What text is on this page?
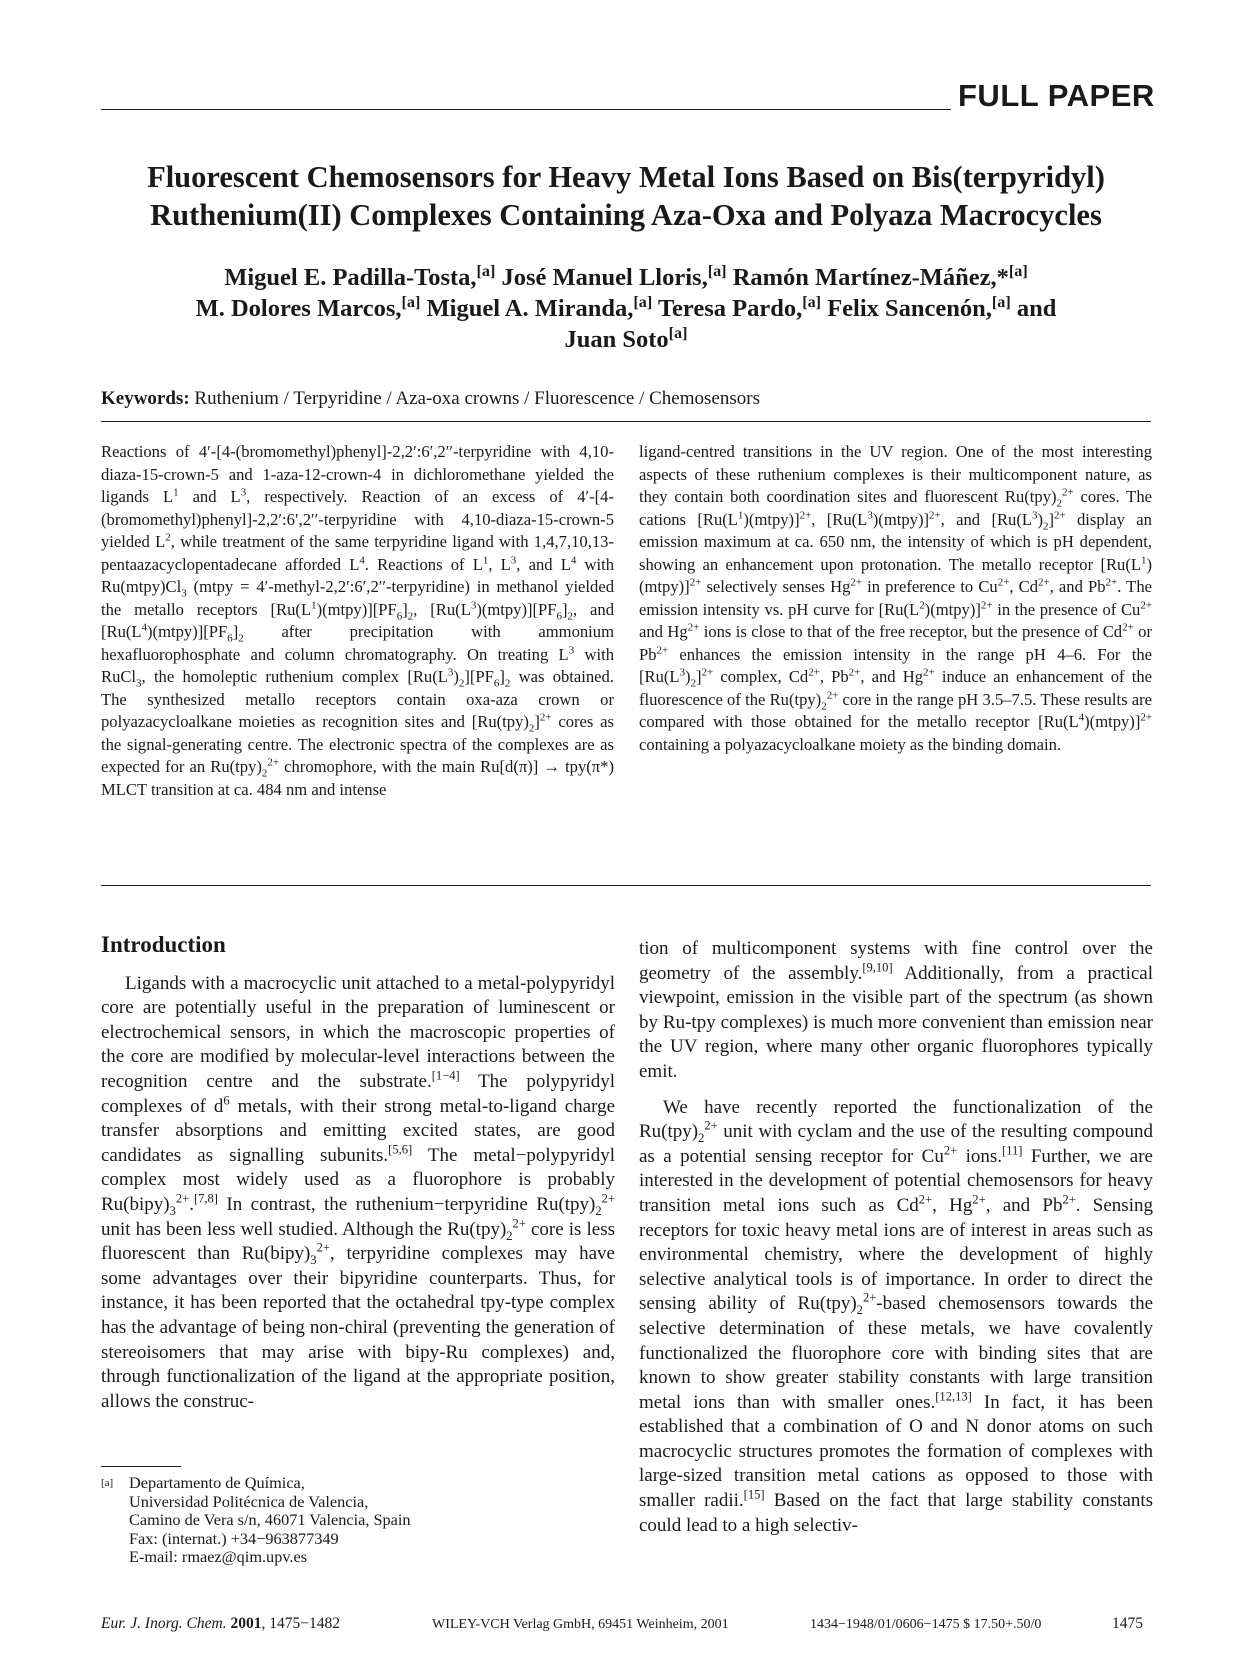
FULL PAPER
Fluorescent Chemosensors for Heavy Metal Ions Based on Bis(terpyridyl)
Ruthenium(II) Complexes Containing Aza-Oxa and Polyaza Macrocycles
Miguel E. Padilla-Tosta,[a] José Manuel Lloris,[a] Ramón Martínez-Máñez,*[a]
M. Dolores Marcos,[a] Miguel A. Miranda,[a] Teresa Pardo,[a] Felix Sancenón,[a] and
Juan Soto[a]
Keywords: Ruthenium / Terpyridine / Aza-oxa crowns / Fluorescence / Chemosensors

Reactions of 4′-[4-(bromomethyl)phenyl]-2,2′:6′,2′′-terpyridine with 4,10-diaza-15-crown-5 and 1-aza-12-crown-4 in dichloromethane yielded the ligands $L^1$ and $L^3$, respectively. Reaction of an excess of 4′-[4-(bromomethyl)phenyl]-2,2′:6′,2′′-terpyridine with 4,10-diaza-15-crown-5 yielded $L^2$, while treatment of the same terpyridine ligand with 1,4,7,10,13-pentaazacyclopentadecane afforded $L^4$. Reactions of $L^1$, $L^3$, and $L^4$ with $Ru(mtpy)Cl_3$ (mtpy = 4′-methyl-2,2′:6′,2′′-terpyridine) in methanol yielded the metallo receptors $[Ru(L^1)(mtpy)][PF_6]_2$, $[Ru(L^3)(mtpy)][PF_6]_2$, and $[Ru(L^4)(mtpy)][PF_6]_2$ after precipitation with ammonium hexafluorophosphate and column chromatography. On treating $L^3$ with RuCl$_3$, the homoleptic ruthenium complex $[Ru(L^3)_2][PF_6]_2$ was obtained. The synthesized metallo receptors contain oxa-aza crown or polyazacycloalkane moieties as recognition sites and $[Ru(tpy)_2]^{2+}$ cores as the signal-generating centre. The electronic spectra of the complexes are as expected for an $Ru(tpy)_2^{2+}$ chromophore, with the main Ru[d(π)] → tpy(π*) MLCT transition at ca. 484 nm and intense

ligand-centred transitions in the UV region. One of the most interesting aspects of these ruthenium complexes is their multicomponent nature, as they contain both coordination sites and fluorescent $Ru(tpy)_2^{2+}$ cores. The cations $[Ru(L^1)(mtpy)]^{2+}$, $[Ru(L^3)(mtpy)]^{2+}$, and $[Ru(L^3)_2]^{2+}$ display an emission maximum at ca. 650 nm, the intensity of which is pH dependent, showing an enhancement upon protonation. The metallo receptor $[Ru(L^1)(mtpy)]^{2+}$ selectively senses $Hg^{2+}$ in preference to $Cu^{2+}$, $Cd^{2+}$, and $Pb^{2+}$. The emission intensity vs. pH curve for $[Ru(L^2)(mtpy)]^{2+}$ in the presence of $Cu^{2+}$ and $Hg^{2+}$ ions is close to that of the free receptor, but the presence of $Cd^{2+}$ or $Pb^{2+}$ enhances the emission intensity in the range pH 4–6. For the $[Ru(L^3)_2]^{2+}$ complex, $Cd^{2+}$, $Pb^{2+}$, and $Hg^{2+}$ induce an enhancement of the fluorescence of the $Ru(tpy)_2^{2+}$ core in the range pH 3.5–7.5. These results are compared with those obtained for the metallo receptor $[Ru(L^4)(mtpy)]^{2+}$ containing a polyazacycloalkane moiety as the binding domain.

Introduction

Ligands with a macrocyclic unit attached to a metal-polypyridyl core are potentially useful in the preparation of luminescent or electrochemical sensors, in which the macroscopic properties of the core are modified by molecular-level interactions between the recognition centre and the substrate.[1−4] The polypyridyl complexes of $d^6$ metals, with their strong metal-to-ligand charge transfer absorptions and emitting excited states, are good candidates as signalling subunits.[5,6] The metal−polypyridyl complex most widely used as a fluorophore is probably $Ru(bipy)_3^{2+}.[7,8]$ In contrast, the ruthenium−terpyridine $Ru(tpy)_2^{2+}$ unit has been less well studied. Although the $Ru(tpy)_2^{2+}$ core is less fluorescent than $Ru(bipy)_3^{2+}$, terpyridine complexes may have some advantages over their bipyridine counterparts. Thus, for instance, it has been reported that the octahedral tpy-type complex has the advantage of being non-chiral (preventing the generation of stereoisomers that may arise with bipy-Ru complexes) and, through functionalization of the ligand at the appropriate position, allows the construc-

tion of multicomponent systems with fine control over the geometry of the assembly.[9,10] Additionally, from a practical viewpoint, emission in the visible part of the spectrum (as shown by Ru-tpy complexes) is much more convenient than emission near the UV region, where many other organic fluorophores typically emit.

We have recently reported the functionalization of the $Ru(tpy)_2^{2+}$ unit with cyclam and the use of the resulting compound as a potential sensing receptor for $Cu^{2+}$ ions.[11] Further, we are interested in the development of potential chemosensors for heavy transition metal ions such as $Cd^{2+}$, $Hg^{2+}$, and $Pb^{2+}$. Sensing receptors for toxic heavy metal ions are of interest in areas such as environmental chemistry, where the development of highly selective analytical tools is of importance. In order to direct the sensing ability of $Ru(tpy)_2^{2+}$-based chemosensors towards the selective determination of these metals, we have covalently functionalized the fluorophore core with binding sites that are known to show greater stability constants with large transition metal ions than with smaller ones.[12,13] In fact, it has been established that a combination of O and N donor atoms on such macrocyclic structures promotes the formation of complexes with large-sized transition metal cations as opposed to those with smaller radii.[15] Based on the fact that large stability constants could lead to a high selectiv-

[a] Departamento de Química,
Universidad Politécnica de Valencia,
Camino de Vera s/n, 46071 Valencia, Spain
Fax: (internat.) +34−963877349
E-mail: rmaez@qim.upv.es
Eur. J. Inorg. Chem. 2001, 1475−1482	WILEY-VCH Verlag GmbH, 69451 Weinheim, 2001	1434−1948/01/0606−1475 $ 17.50+.50/0	1475
